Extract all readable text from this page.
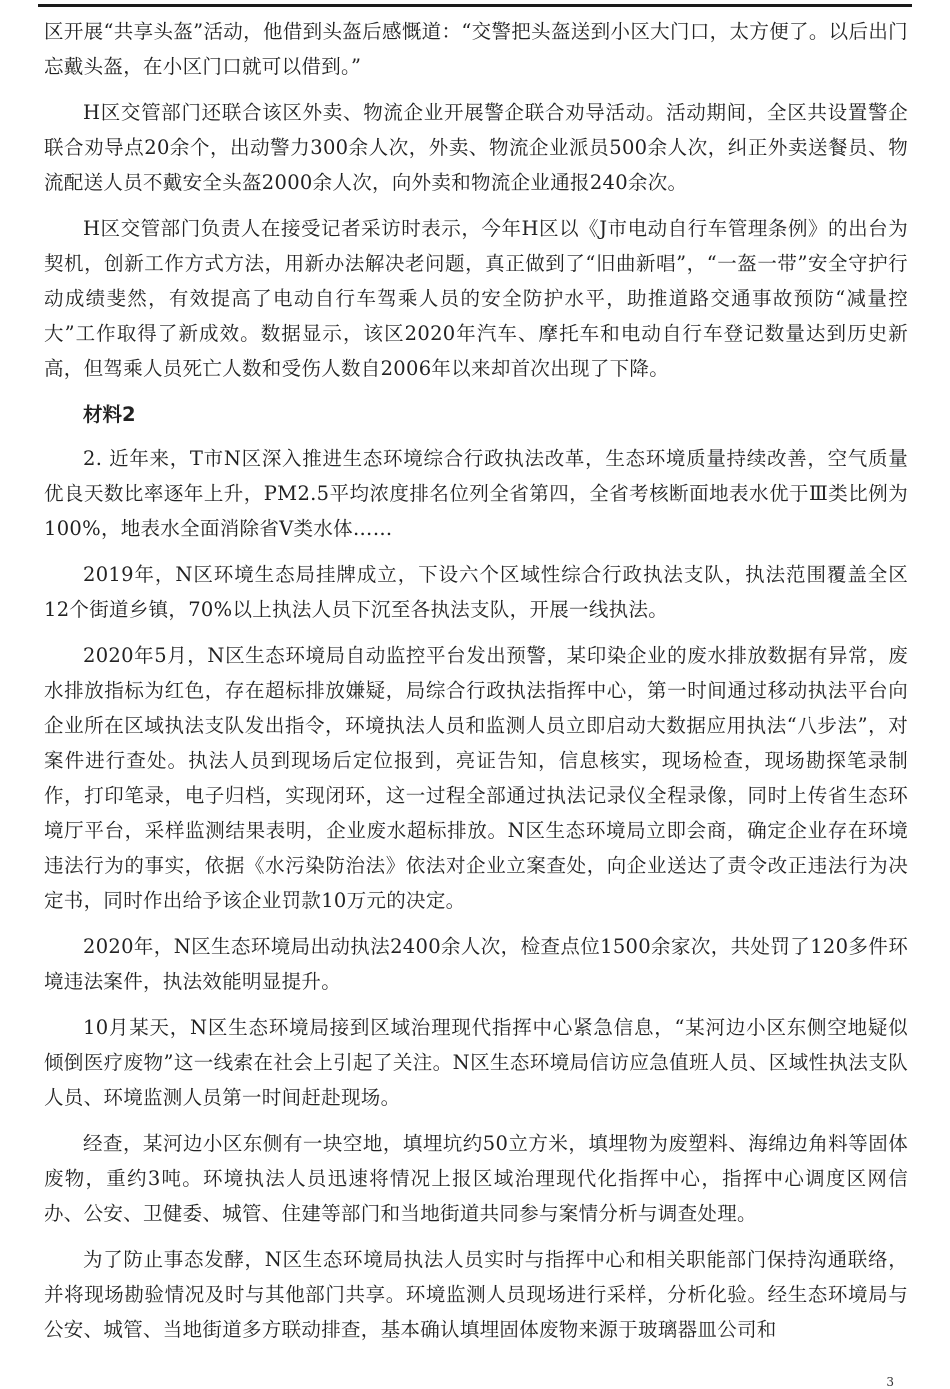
区开展“共享头盔”活动，他借到头盔后感慨道：“交警把头盔送到小区大门口，太方便了。以后出门忘戴头盔，在小区门口就可以借到。”

H区交管部门还联合该区外卖、物流企业开展警企联合劝导活动。活动期间，全区共设置警企联合劝导点20余个，出动警力300余人次，外卖、物流企业派员500余人次，纠正外卖送餐员、物流配送人员不戴安全头盔2000余人次，向外卖和物流企业通报240余次。

H区交管部门负责人在接受记者采访时表示，今年H区以《J市电动自行车管理条例》的出台为契机，创新工作方式方法，用新办法解决老问题，真正做到了“旧曲新唱”，“一盔一带”安全守护行动成绩斐然，有效提高了电动自行车驾乘人员的安全防护水平，助推道路交通事故预防“减量控大”工作取得了新成效。数据显示，该区2020年汽车、摩托车和电动自行车登记数量达到历史新高，但驾乘人员死亡人数和受伤人数自2006年以来却首次出现了下降。

材料2

2. 近年来，T市N区深入推进生态环境综合行政执法改革，生态环境质量持续改善，空气质量优良天数比率逐年上升，PM2.5平均浓度排名位列全省第四，全省考核断面地表水优于Ⅲ类比例为100%，地表水全面消除省Ⅴ类水体……

2019年，N区环境生态局挂牌成立，下设六个区域性综合行政执法支队，执法范围覆盖全区12个街道乡镇，70%以上执法人员下沉至各执法支队，开展一线执法。

2020年5月，N区生态环境局自动监控平台发出预警，某印染企业的废水排放数据有异常，废水排放指标为红色，存在超标排放嫌疑，局综合行政执法指挥中心，第一时间通过移动执法平台向企业所在区域执法支队发出指令，环境执法人员和监测人员立即启动大数据应用执法“八步法”，对案件进行查处。执法人员到现场后定位报到，亮证告知，信息核实，现场检查，现场勘探笔录制作，打印笔录，电子归档，实现闭环，这一过程全部通过执法记录仪全程录像，同时上传省生态环境厅平台，采样监测结果表明，企业废水超标排放。N区生态环境局立即会商，确定企业存在环境违法行为的事实，依据《水污染防治法》依法对企业立案查处，向企业送达了责令改正违法行为决定书，同时作出给予该企业罚款10万元的决定。

2020年，N区生态环境局出动执法2400余人次，检查点位1500余家次，共处罚了120多件环境违法案件，执法效能明显提升。

10月某天，N区生态环境局接到区域治理现代指挥中心紧急信息，“某河边小区东侧空地疑似倾倒医疗废物”这一线索在社会上引起了关注。N区生态环境局信访应急值班人员、区域性执法支队人员、环境监测人员第一时间赶赴现场。

经查，某河边小区东侧有一块空地，填埋坑约50立方米，填埋物为废塑料、海绵边角料等固体废物，重约3吨。环境执法人员迅速将情况上报区域治理现代化指挥中心，指挥中心调度区网信办、公安、卫健委、城管、住建等部门和当地街道共同参与案情分析与调查处理。

为了防止事态发酵，N区生态环境局执法人员实时与指挥中心和相关职能部门保持沟通联络，并将现场勘验情况及时与其他部门共享。环境监测人员现场进行采样，分析化验。经生态环境局与公安、城管、当地街道多方联动排查，基本确认填埋固体废物来源于玻璃器皿公司和

3
